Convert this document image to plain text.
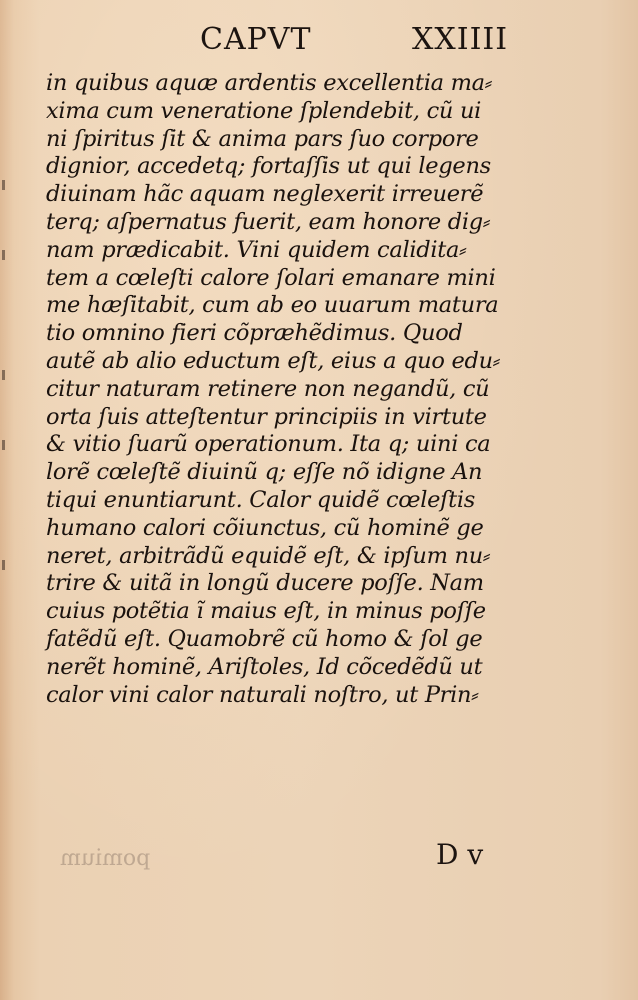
CAPVT	XXIIII
in quibus aquæ ardentis excellentia ma⸗
xima cum veneratione ſplendebit, cũ ui
ni ſpiritus ſit & anima pars ſuo corpore
dignior, accedetq; fortaſſis ut qui legens
diuinam hãc aquam neglexerit irreuerẽ
terq; aſpernatus fuerit, eam honore dig⸗
nam prædicabit. Vini quidem calidita⸗
tem a cœleſti calore ſolari emanare mini
me hæſitabit, cum ab eo uuarum matura
tio omnino fieri cõpræhẽdimus. Quod
autẽ ab alio eductum eſt, eius a quo edu⸗
citur naturam retinere non negandũ, cũ
orta ſuis atteſtentur principiis in virtute
& vitio ſuarũ operationum. Ita q; uini ca
lorẽ cœleſtẽ diuinũ q; eſſe nõ idigne An
tiqui enuntiarunt. Calor quidẽ cœleſtis
humano calori cõiunctus, cũ hominẽ ge
neret, arbitrãdũ equidẽ eſt, & ipſum nu⸗
trire & uitã in longũ ducere poſſe. Nam
cuius potẽtia ĩ maius eſt, in minus poſſe
fatẽdũ eſt. Quamobrẽ cũ homo & ſol ge
nerẽt hominẽ, Ariſtoles, Id cõcedẽdũ ut
calor vini calor naturali noſtro, ut Prin⸗
pomium	D v
